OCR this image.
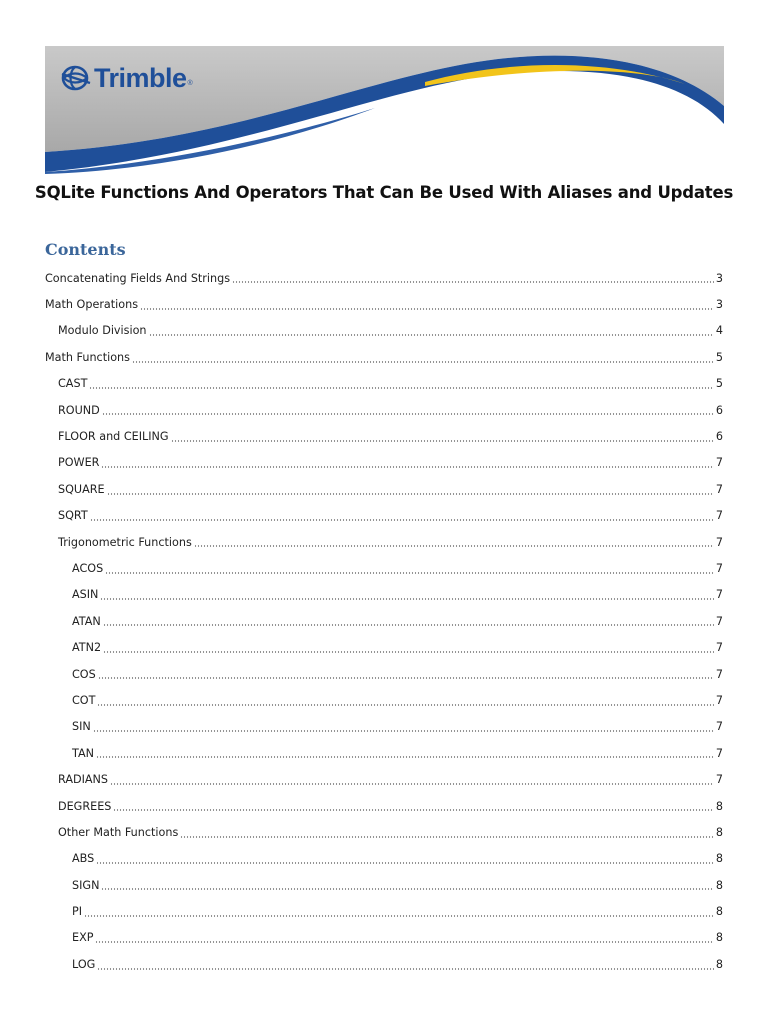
Trimble ®
SQLite Functions And Operators That Can Be Used With Aliases and Updates
Contents
Concatenating Fields And Strings	3
Math Operations	3
Modulo Division	4
Math Functions	5
CAST	5
ROUND	6
FLOOR and CEILING	6
POWER	7
SQUARE	7
SQRT	7
Trigonometric Functions	7
ACOS	7
ASIN	7
ATAN	7
ATN2	7
COS	7
COT	7
SIN	7
TAN	7
RADIANS	7
DEGREES	8
Other Math Functions	8
ABS	8
SIGN	8
PI	8
EXP	8
LOG	8
